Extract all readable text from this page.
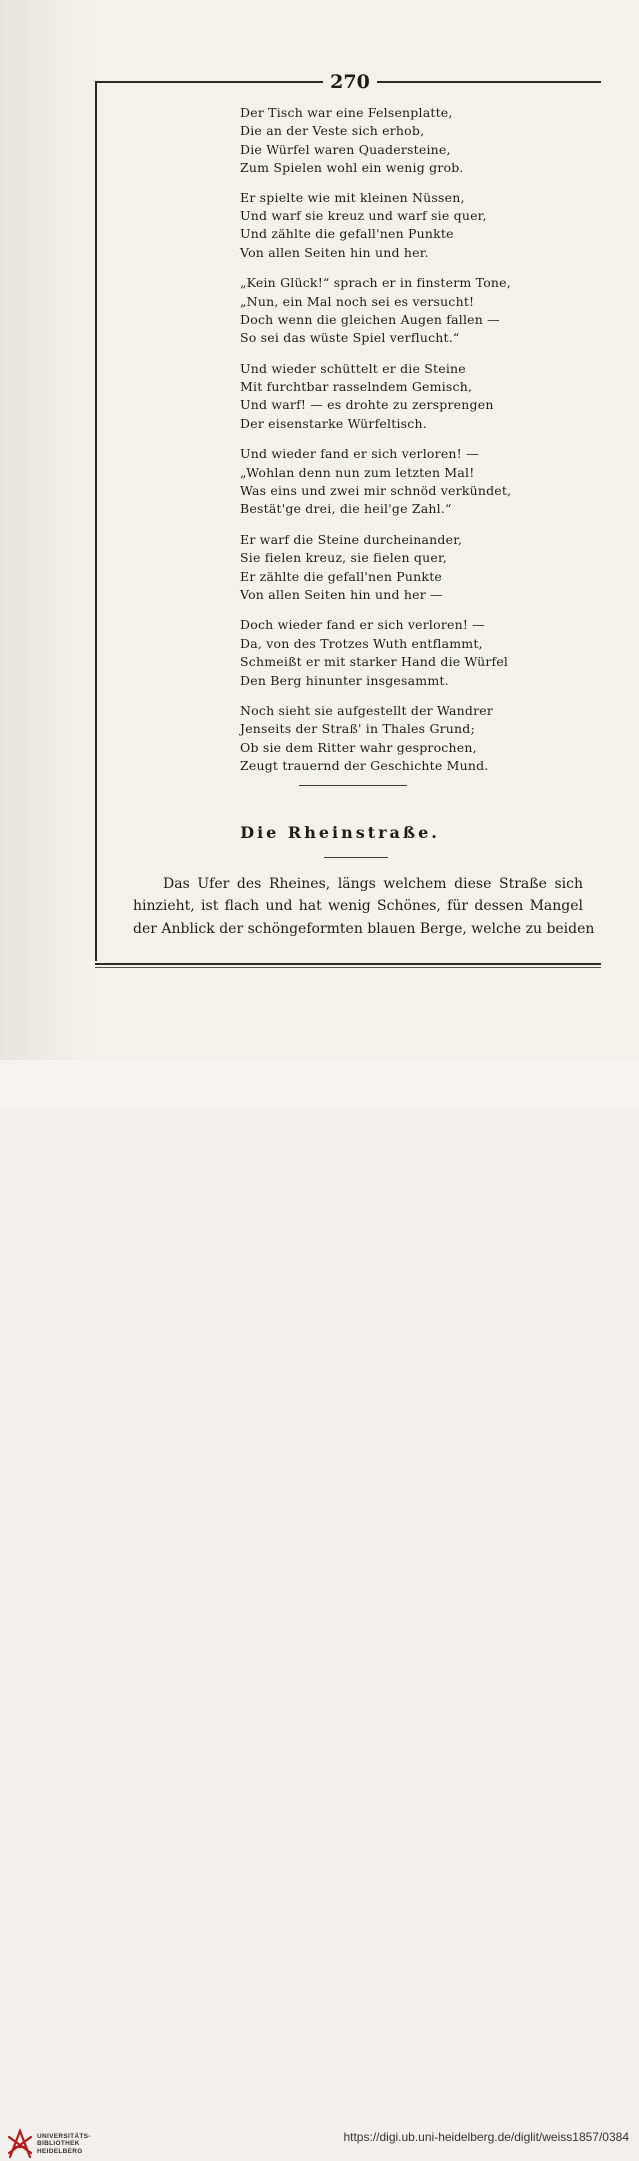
270
Der Tisch war eine Felsenplatte,
Die an der Veste sich erhob,
Die Würfel waren Quadersteine,
Zum Spielen wohl ein wenig grob.
Er spielte wie mit kleinen Nüssen,
Und warf sie kreuz und warf sie quer,
Und zählte die gefall'nen Punkte
Von allen Seiten hin und her.
„Kein Glück!“ sprach er in finsterm Tone,
„Nun, ein Mal noch sei es versucht!
Doch wenn die gleichen Augen fallen —
So sei das wüste Spiel verflucht.“
Und wieder schüttelt er die Steine
Mit furchtbar rasselndem Gemisch,
Und warf! — es drohte zu zersprengen
Der eisenstarke Würfeltisch.
Und wieder fand er sich verloren! —
„Wohlan denn nun zum letzten Mal!
Was eins und zwei mir schnöd verkündet,
Bestät'ge drei, die heil'ge Zahl.“
Er warf die Steine durcheinander,
Sie fielen kreuz, sie fielen quer,
Er zählte die gefall'nen Punkte
Von allen Seiten hin und her —
Doch wieder fand er sich verloren! —
Da, von des Trotzes Wuth entflammt,
Schmeißt er mit starker Hand die Würfel
Den Berg hinunter insgesammt.
Noch sieht sie aufgestellt der Wandrer
Jenseits der Straß' in Thales Grund;
Ob sie dem Ritter wahr gesprochen,
Zeugt trauernd der Geschichte Mund.
Die Rheinstraße.
Das Ufer des Rheines, längs welchem diese Straße sich
hinzieht, ist flach und hat wenig Schönes, für dessen Mangel
der Anblick der schöngeformten blauen Berge, welche zu beiden
UNIVERSITÄTS-
BIBLIOTHEK
HEIDELBERG
https://digi.ub.uni-heidelberg.de/diglit/weiss1857/0384
